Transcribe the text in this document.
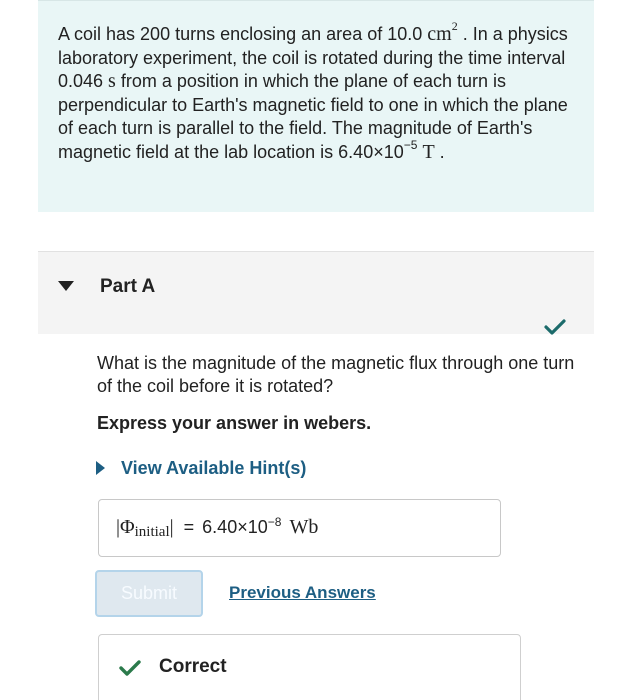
A coil has 200 turns enclosing an area of 10.0 $cm^2$ . In a physics laboratory experiment, the coil is rotated during the time interval 0.046 s from a position in which the plane of each turn is perpendicular to Earth's magnetic field to one in which the plane of each turn is parallel to the field. The magnitude of Earth's magnetic field at the lab location is $6.40\times 10^{-5}$ T .

Part A
What is the magnitude of the magnetic flux through one turn of the coil before it is rotated?
Express your answer in webers.
View Available Hint(s)
| Φ initial | = 6.40×10 −8 Wb
Submit	Previous Answers
Correct
